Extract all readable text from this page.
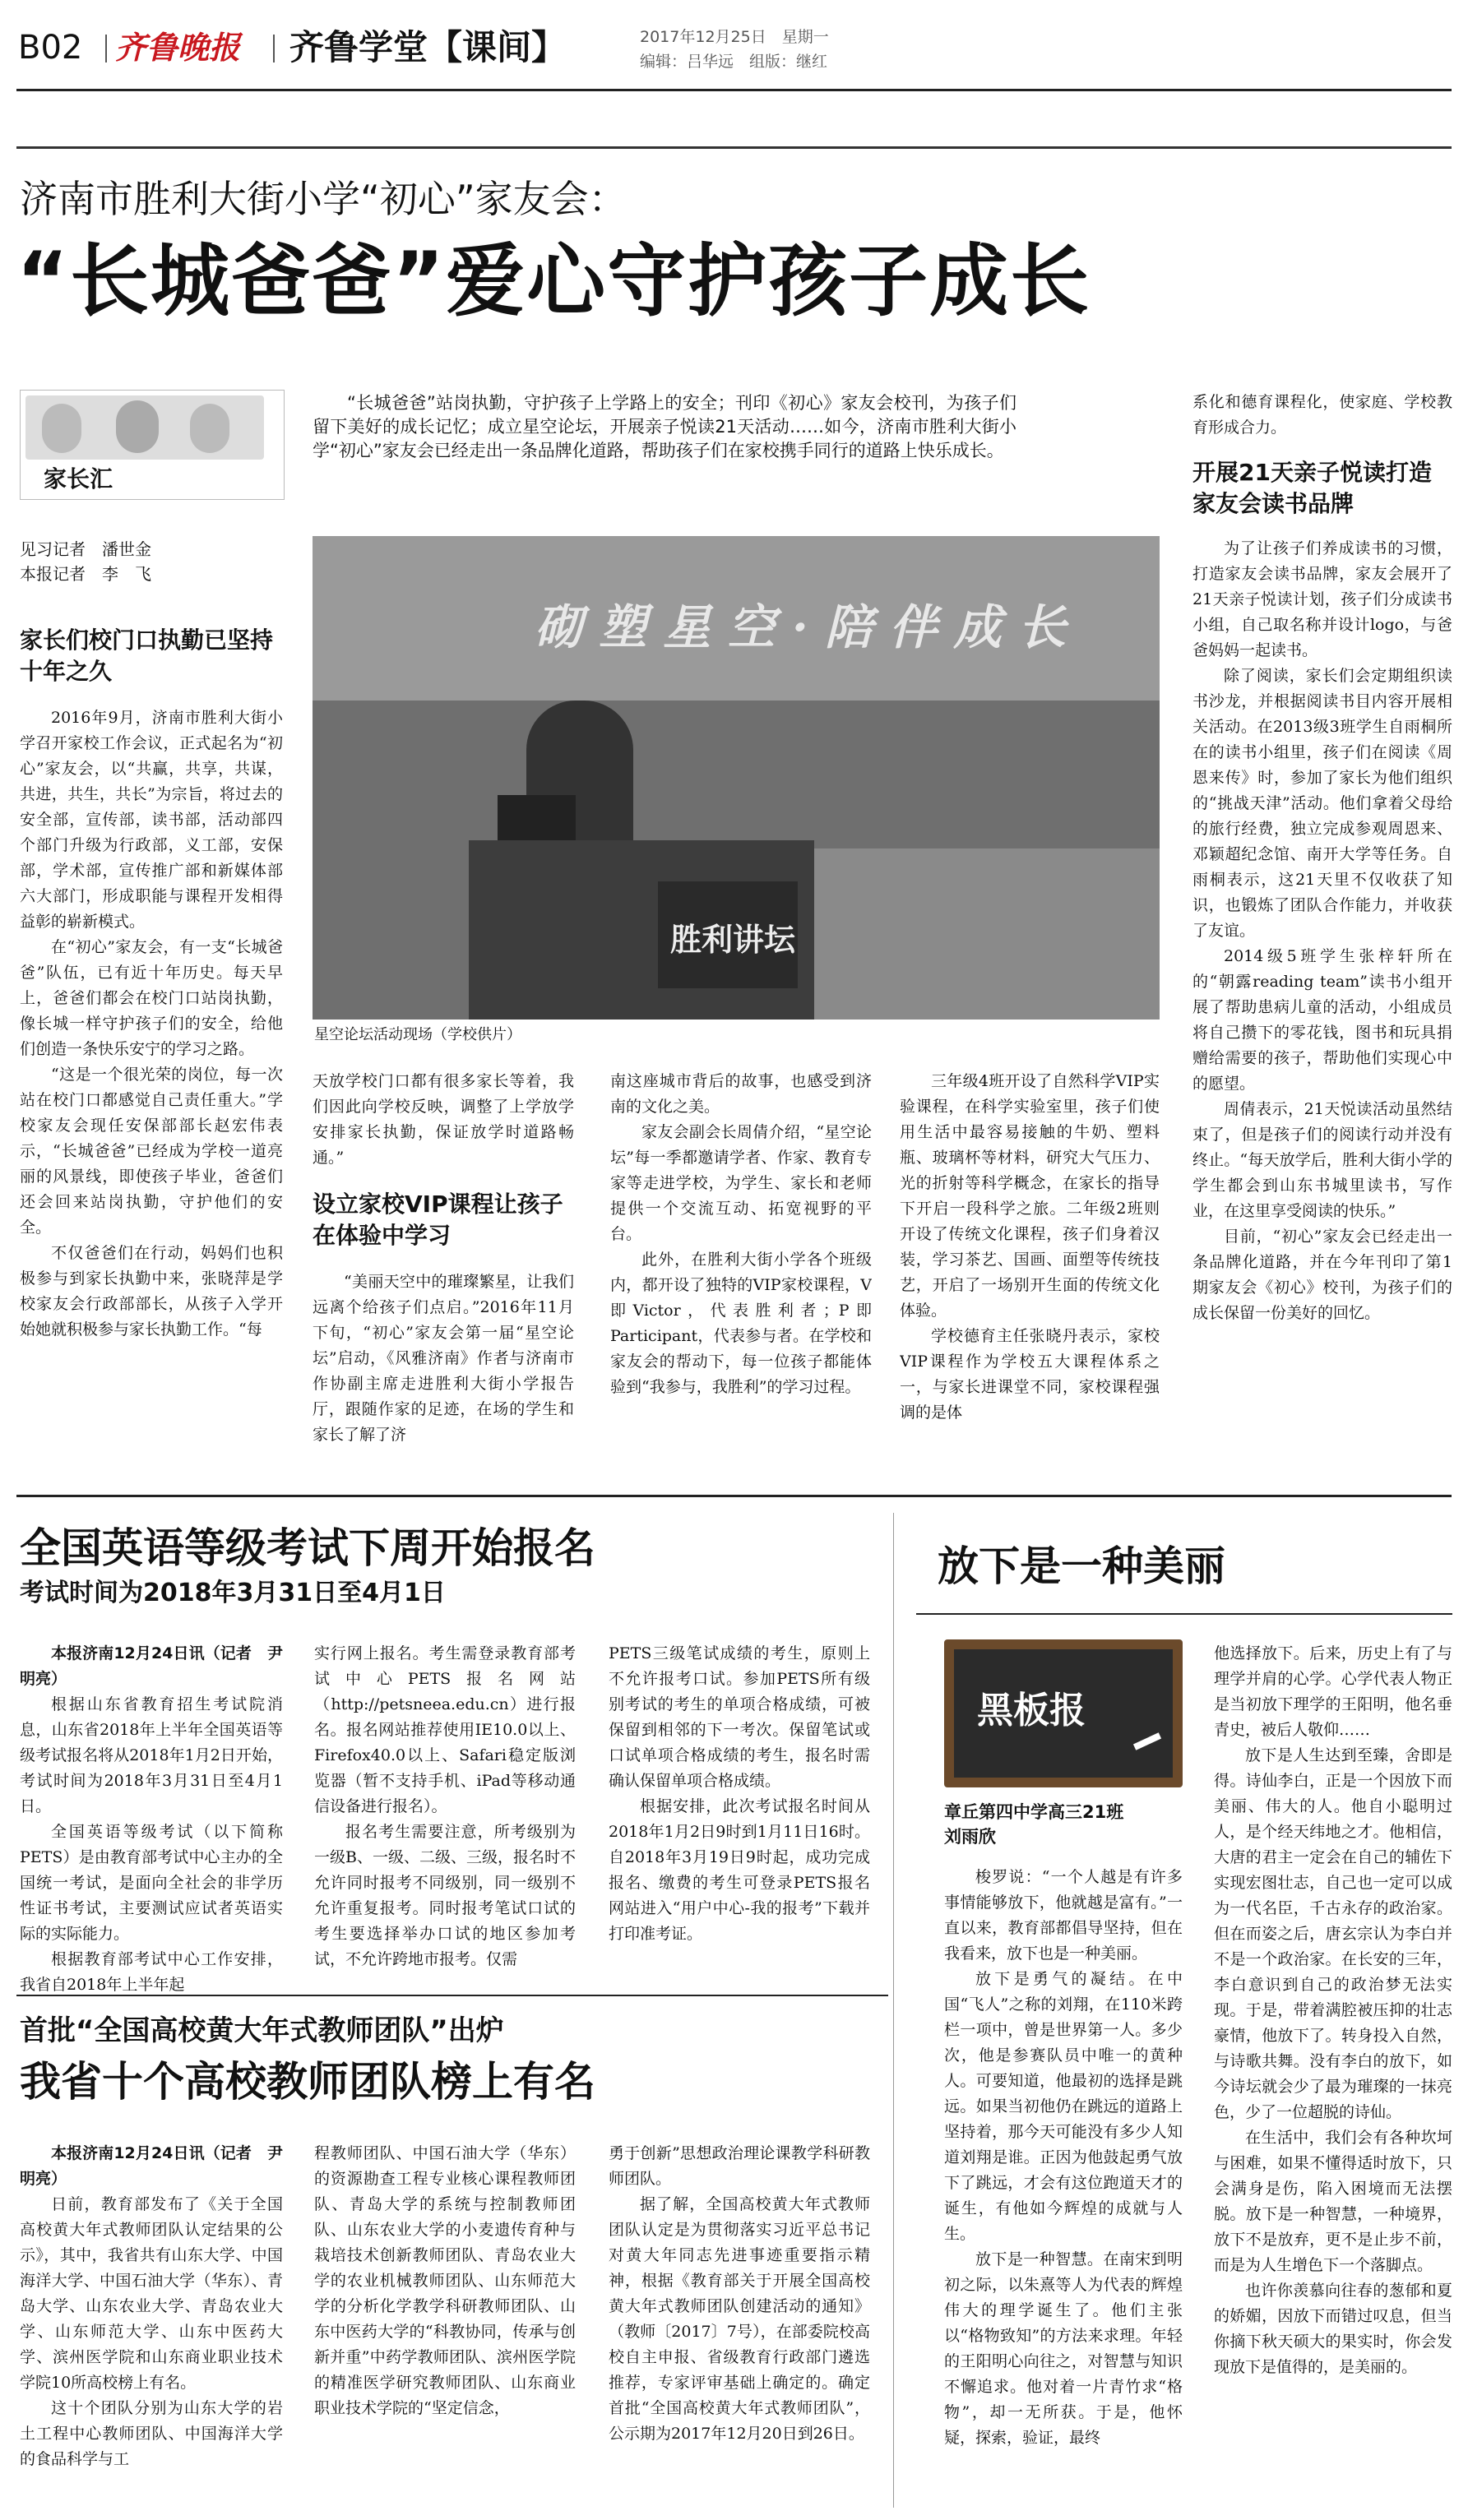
B02 齐鲁晚报 齐鲁学堂【课间】	2017年12月25日　星期一
编辑：吕华远　组版：继红
济南市胜利大街小学“初心”家友会：
“长城爸爸”爱心守护孩子成长
家长汇
“长城爸爸”站岗执勤，守护孩子上学路上的安全；刊印《初心》家友会校刊，为孩子们留下美好的成长记忆；成立星空论坛，开展亲子悦读21天活动……如今，济南市胜利大街小学“初心”家友会已经走出一条品牌化道路，帮助孩子们在家校携手同行的道路上快乐成长。
见习记者　潘世金
本报记者　李　飞
砌 塑 星 空 · 陪 伴 成 长
胜利讲坛
星空论坛活动现场（学校供片）
家长们校门口执勤已坚持十年之久

2016年9月，济南市胜利大街小学召开家校工作会议，正式起名为“初心”家友会，以“共赢，共享，共谋，共进，共生，共长”为宗旨，将过去的安全部，宣传部，读书部，活动部四个部门升级为行政部，义工部，安保部，学术部，宣传推广部和新媒体部六大部门，形成职能与课程开发相得益彰的崭新模式。

在“初心”家友会，有一支“长城爸爸”队伍，已有近十年历史。每天早上，爸爸们都会在校门口站岗执勤，像长城一样守护孩子们的安全，给他们创造一条快乐安宁的学习之路。

“这是一个很光荣的岗位，每一次站在校门口都感觉自己责任重大。”学校家友会现任安保部部长赵宏伟表示，“长城爸爸”已经成为学校一道亮丽的风景线，即使孩子毕业，爸爸们还会回来站岗执勤，守护他们的安全。

不仅爸爸们在行动，妈妈们也积极参与到家长执勤中来，张晓萍是学校家友会行政部部长，从孩子入学开始她就积极参与家长执勤工作。“每

天放学校门口都有很多家长等着，我们因此向学校反映，调整了上学放学安排家长执勤，保证放学时道路畅通。”

设立家校VIP课程让孩子在体验中学习

“美丽天空中的璀璨繁星，让我们远离个给孩子们点启。”2016年11月下旬，“初心”家友会第一届“星空论坛”启动，《风雅济南》作者与济南市作协副主席走进胜利大街小学报告厅，跟随作家的足迹，在场的学生和家长了解了济

南这座城市背后的故事，也感受到济南的文化之美。

家友会副会长周倩介绍，“星空论坛”每一季都邀请学者、作家、教育专家等走进学校，为学生、家长和老师提供一个交流互动、拓宽视野的平台。

此外，在胜利大街小学各个班级内，都开设了独特的VIP家校课程，V即Victor，代表胜利者；P即Participant，代表参与者。在学校和家友会的帮动下，每一位孩子都能体验到“我参与，我胜利”的学习过程。

三年级4班开设了自然科学VIP实验课程，在科学实验室里，孩子们使用生活中最容易接触的牛奶、塑料瓶、玻璃杯等材料，研究大气压力、光的折射等科学概念，在家长的指导下开启一段科学之旅。二年级2班则开设了传统文化课程，孩子们身着汉装，学习茶艺、国画、面塑等传统技艺，开启了一场别开生面的传统文化体验。

学校德育主任张晓丹表示，家校VIP课程作为学校五大课程体系之一，与家长进课堂不同，家校课程强调的是体

系化和德育课程化，使家庭、学校教育形成合力。

开展21天亲子悦读打造家友会读书品牌

为了让孩子们养成读书的习惯，打造家友会读书品牌，家友会展开了21天亲子悦读计划，孩子们分成读书小组，自己取名称并设计logo，与爸爸妈妈一起读书。

除了阅读，家长们会定期组织读书沙龙，并根据阅读书目内容开展相关活动。在2013级3班学生自雨桐所在的读书小组里，孩子们在阅读《周恩来传》时，参加了家长为他们组织的“挑战天津”活动。他们拿着父母给的旅行经费，独立完成参观周恩来、邓颖超纪念馆、南开大学等任务。自雨桐表示，这21天里不仅收获了知识，也锻炼了团队合作能力，并收获了友谊。

2014级5班学生张梓轩所在的“朝露reading team”读书小组开展了帮助患病儿童的活动，小组成员将自己攒下的零花钱，图书和玩具捐赠给需要的孩子，帮助他们实现心中的愿望。

周倩表示，21天悦读活动虽然结束了，但是孩子们的阅读行动并没有终止。“每天放学后，胜利大街小学的学生都会到山东书城里读书，写作业，在这里享受阅读的快乐。”

目前，“初心”家友会已经走出一条品牌化道路，并在今年刊印了第1期家友会《初心》校刊，为孩子们的成长保留一份美好的回忆。

全国英语等级考试下周开始报名
考试时间为2018年3月31日至4月1日

本报济南12月24日讯（记者　尹明亮）

根据山东省教育招生考试院消息，山东省2018年上半年全国英语等级考试报名将从2018年1月2日开始，考试时间为2018年3月31日至4月1日。

全国英语等级考试（以下简称PETS）是由教育部考试中心主办的全国统一考试，是面向全社会的非学历性证书考试，主要测试应试者英语实际的实际能力。

根据教育部考试中心工作安排，我省自2018年上半年起

实行网上报名。考生需登录教育部考试中心PETS报名网站（http://petsneea.edu.cn）进行报名。报名网站推荐使用IE10.0以上、Firefox40.0以上、Safari稳定版浏览器（暂不支持手机、iPad等移动通信设备进行报名）。

报名考生需要注意，所考级别为一级B、一级、二级、三级，报名时不允许同时报考不同级别，同一级别不允许重复报考。同时报考笔试口试的考生要选择举办口试的地区参加考试，不允许跨地市报考。仅需

PETS三级笔试成绩的考生，原则上不允许报考口试。参加PETS所有级别考试的考生的单项合格成绩，可被保留到相邻的下一考次。保留笔试或口试单项合格成绩的考生，报名时需确认保留单项合格成绩。

根据安排，此次考试报名时间从2018年1月2日9时到1月11日16时。自2018年3月19日9时起，成功完成报名、缴费的考生可登录PETS报名网站进入“用户中心-我的报考”下载并打印准考证。

首批“全国高校黄大年式教师团队”出炉
我省十个高校教师团队榜上有名

本报济南12月24日讯（记者　尹明亮）

日前，教育部发布了《关于全国高校黄大年式教师团队认定结果的公示》，其中，我省共有山东大学、中国海洋大学、中国石油大学（华东）、青岛大学、山东农业大学、青岛农业大学、山东师范大学、山东中医药大学、滨州医学院和山东商业职业技术学院10所高校榜上有名。

这十个团队分别为山东大学的岩土工程中心教师团队、中国海洋大学的食品科学与工

程教师团队、中国石油大学（华东）的资源勘查工程专业核心课程教师团队、青岛大学的系统与控制教师团队、山东农业大学的小麦遗传育种与栽培技术创新教师团队、青岛农业大学的农业机械教师团队、山东师范大学的分析化学教学科研教师团队、山东中医药大学的“科教协同，传承与创新并重”中药学教师团队、滨州医学院的精准医学研究教师团队、山东商业职业技术学院的“坚定信念，

勇于创新”思想政治理论课教学科研教师团队。

据了解，全国高校黄大年式教师团队认定是为贯彻落实习近平总书记对黄大年同志先进事迹重要指示精神，根据《教育部关于开展全国高校黄大年式教师团队创建活动的通知》（教师〔2017〕7号），在部委院校高校自主申报、省级教育行政部门遴选推荐，专家评审基础上确定的。确定首批“全国高校黄大年式教师团队”，公示期为2017年12月20日到26日。

放下是一种美丽
黑板报
章丘第四中学高三21班
刘雨欣

梭罗说：“一个人越是有许多事情能够放下，他就越是富有。”一直以来，教育部都倡导坚持，但在我看来，放下也是一种美丽。

放下是勇气的凝结。在中国“飞人”之称的刘翔，在110米跨栏一项中，曾是世界第一人。多少次，他是参赛队员中唯一的黄种人。可要知道，他最初的选择是跳远。如果当初他仍在跳远的道路上坚持着，那今天可能没有多少人知道刘翔是谁。正因为他鼓起勇气放下了跳远，才会有这位跑道天才的诞生，有他如今辉煌的成就与人生。

放下是一种智慧。在南宋到明初之际，以朱熹等人为代表的辉煌伟大的理学诞生了。他们主张以“格物致知”的方法来求理。年轻的王阳明心向往之，对智慧与知识不懈追求。他对着一片青竹求“格物”，却一无所获。于是，他怀疑，探索，验证，最终

他选择放下。后来，历史上有了与理学并肩的心学。心学代表人物正是当初放下理学的王阳明，他名垂青史，被后人敬仰……

放下是人生达到至臻，舍即是得。诗仙李白，正是一个因放下而美丽、伟大的人。他自小聪明过人，是个经天纬地之才。他相信，大唐的君主一定会在自己的辅佐下实现宏图壮志，自己也一定可以成为一代名臣，千古永存的政治家。但在而姿之后，唐玄宗认为李白并不是一个政治家。在长安的三年，李白意识到自己的政治梦无法实现。于是，带着满腔被压抑的壮志豪情，他放下了。转身投入自然，与诗歌共舞。没有李白的放下，如今诗坛就会少了最为璀璨的一抹亮色，少了一位超脱的诗仙。

在生活中，我们会有各种坎坷与困难，如果不懂得适时放下，只会满身是伤，陷入困境而无法摆脱。放下是一种智慧，一种境界，放下不是放弃，更不是止步不前，而是为人生增色下一个落脚点。

也许你羡慕向往春的葱郁和夏的娇媚，因放下而错过叹息，但当你摘下秋天硕大的果实时，你会发现放下是值得的，是美丽的。
